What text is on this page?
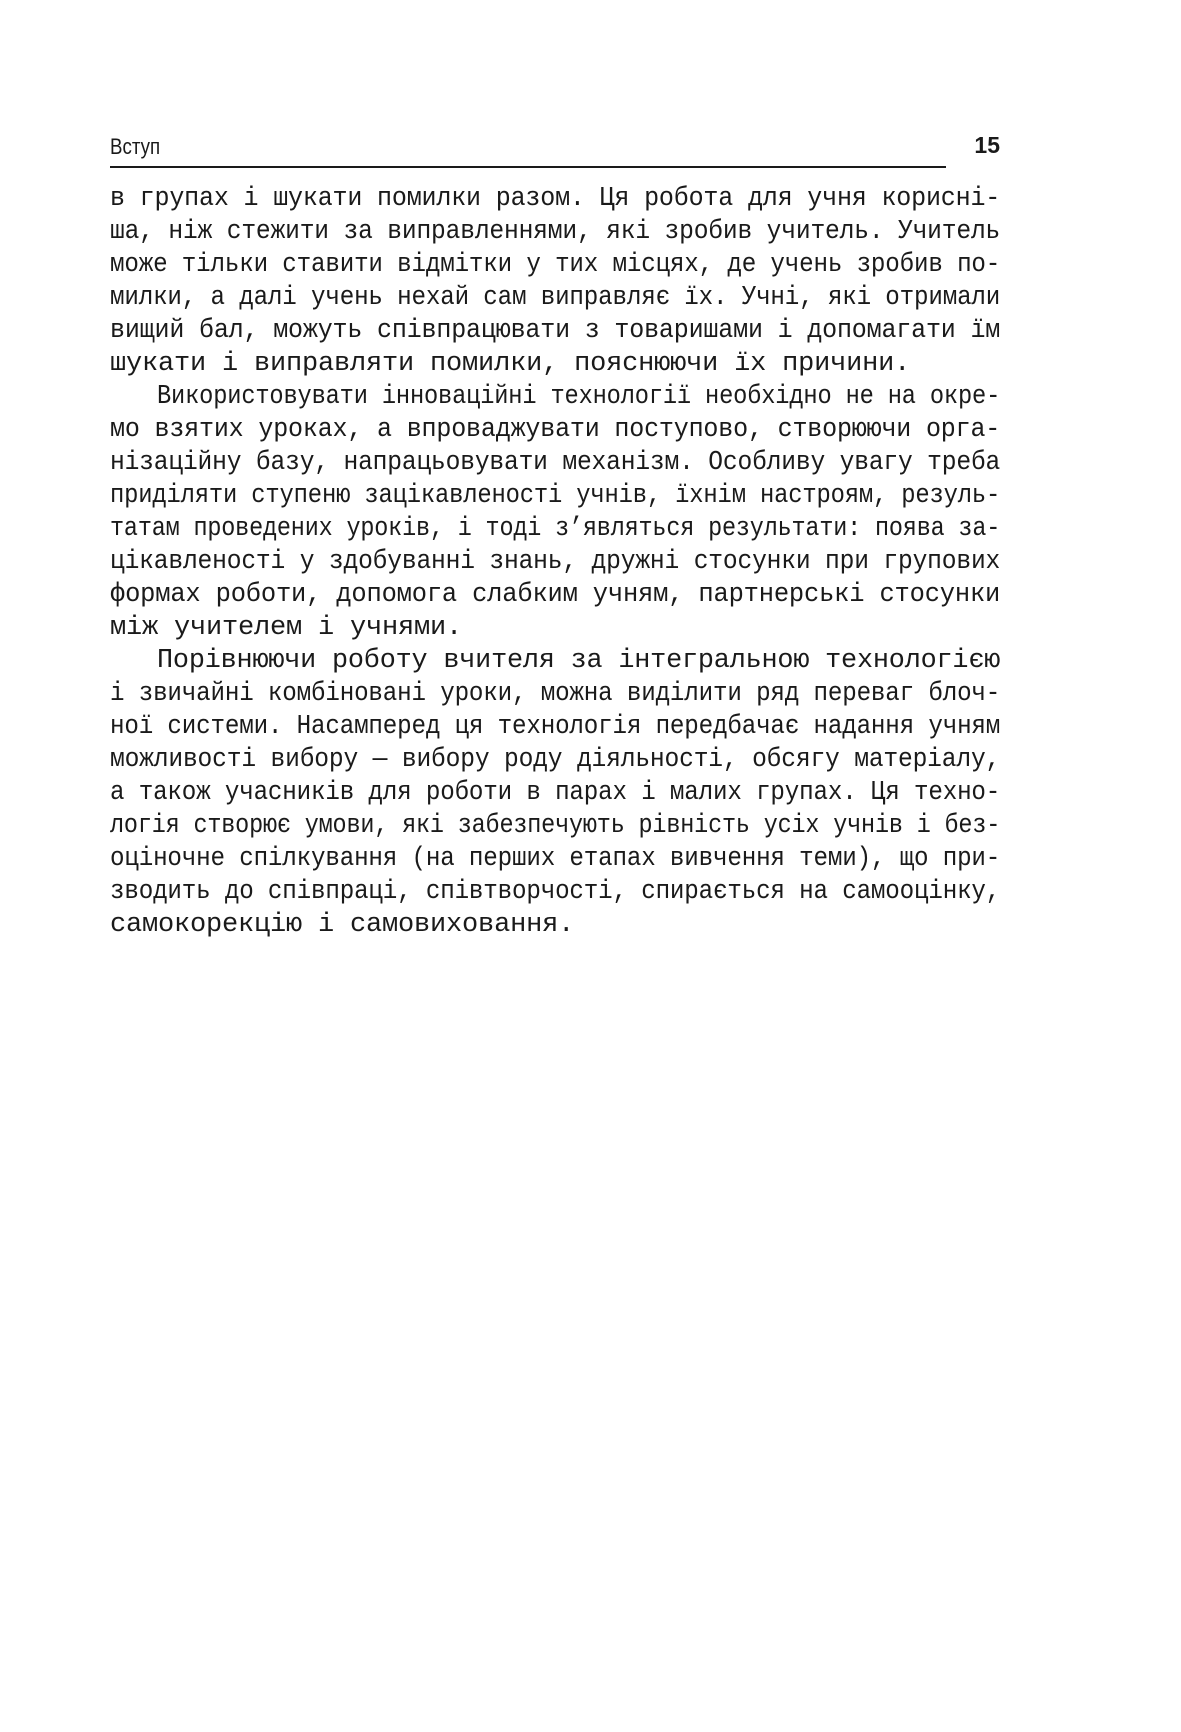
Вступ	15

в групах і шукати помилки разом. Ця робота для учня кориснi-
ша, ніж стежити за виправленнями, які зробив учитель. Учитель
може тільки ставити відмітки у тих місцях, де учень зробив по-
милки, а далі учень нехай сам виправляє їх. Учні, які отримали
вищий бал, можуть співпрацювати з товаришами і допомагати їм
шукати і виправляти помилки, пояснюючи їх причини.

Використовувати інноваційні технології необхідно не на окре-
мо взятих уроках, а впроваджувати поступово, створюючи орга-
нізаційну базу, напрацьовувати механізм. Особливу увагу треба
приділяти ступеню зацікавленості учнів, їхнім настроям, резуль-
татам проведених уроків, і тоді з’являться результати: поява за-
цікавленості у здобуванні знань, дружні стосунки при групових
формах роботи, допомога слабким учням, партнерські стосунки
між учителем і учнями.

Порівнюючи роботу вчителя за інтегральною технологією
і звичайні комбіновані уроки, можна виділити ряд переваг блоч-
ної системи. Насамперед ця технологія передбачає надання учням
можливості вибору — вибору роду діяльності, обсягу матеріалу,
а також учасників для роботи в парах і малих групах. Ця техно-
логія створює умови, які забезпечують рівність усіх учнів і без-
оціночне спілкування (на перших етапах вивчення теми), що при-
зводить до співпраці, співтворчості, спирається на самооцінку,
самокорекцію і самовиховання.
